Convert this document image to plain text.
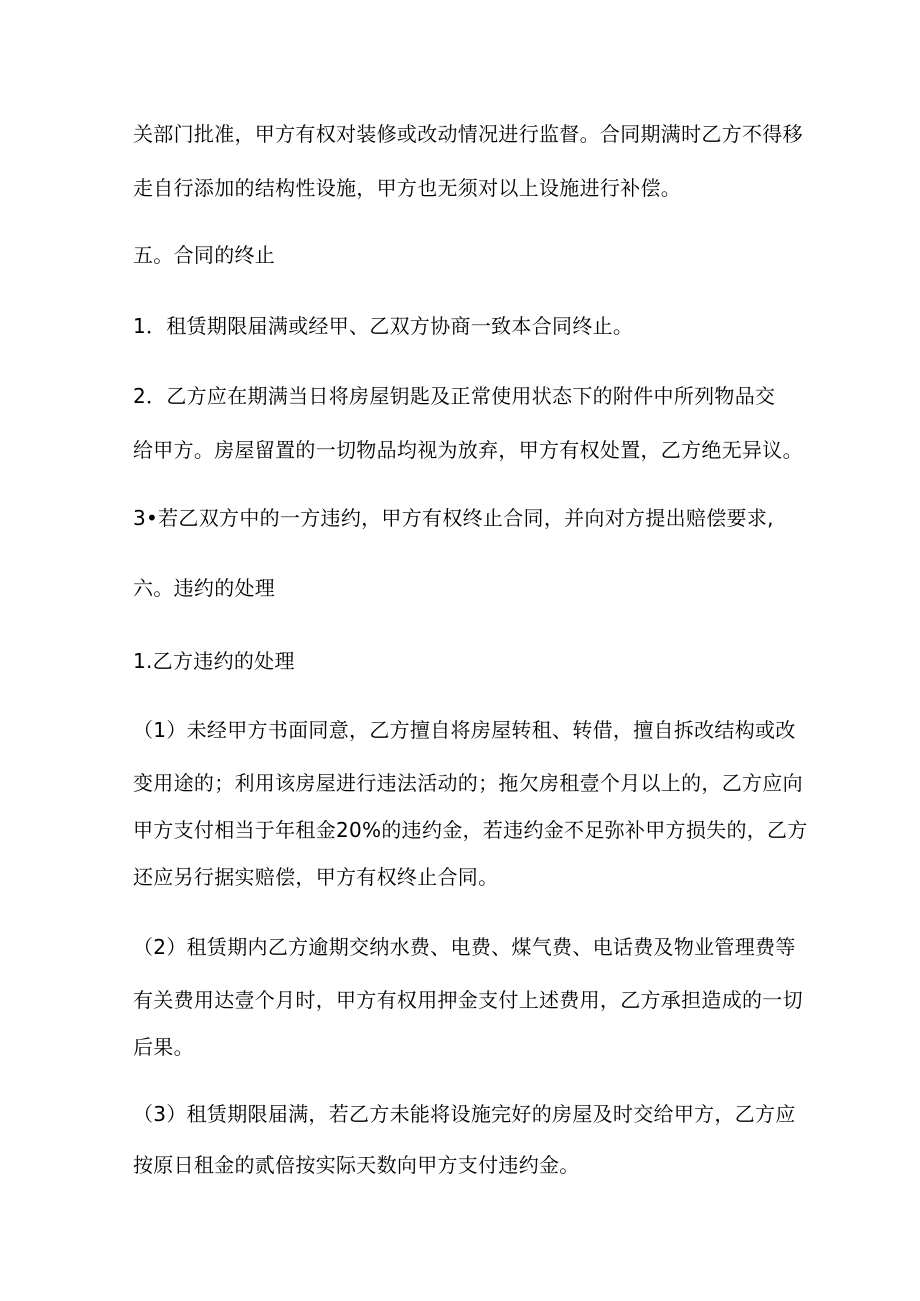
关部门批准，甲方有权对装修或改动情况进行监督。合同期满时乙方不得移
走自行添加的结构性设施，甲方也无须对以上设施进行补偿。
五。合同的终止
1．租赁期限届满或经甲、乙双方协商一致本合同终止。
2．乙方应在期满当日将房屋钥匙及正常使用状态下的附件中所列物品交
给甲方。房屋留置的一切物品均视为放弃，甲方有权处置，乙方绝无异议。
3•若乙双方中的一方违约，甲方有权终止合同，并向对方提出赔偿要求,
六。违约的处理
1.乙方违约的处理
（1）未经甲方书面同意，乙方擅自将房屋转租、转借，擅自拆改结构或改
变用途的；利用该房屋进行违法活动的；拖欠房租壹个月以上的，乙方应向
甲方支付相当于年租金20%的违约金，若违约金不足弥补甲方损失的，乙方
还应另行据实赔偿，甲方有权终止合同。
（2）租赁期内乙方逾期交纳水费、电费、煤气费、电话费及物业管理费等
有关费用达壹个月时，甲方有权用押金支付上述费用，乙方承担造成的一切
后果。
（3）租赁期限届满，若乙方未能将设施完好的房屋及时交给甲方，乙方应
按原日租金的贰倍按实际天数向甲方支付违约金。
